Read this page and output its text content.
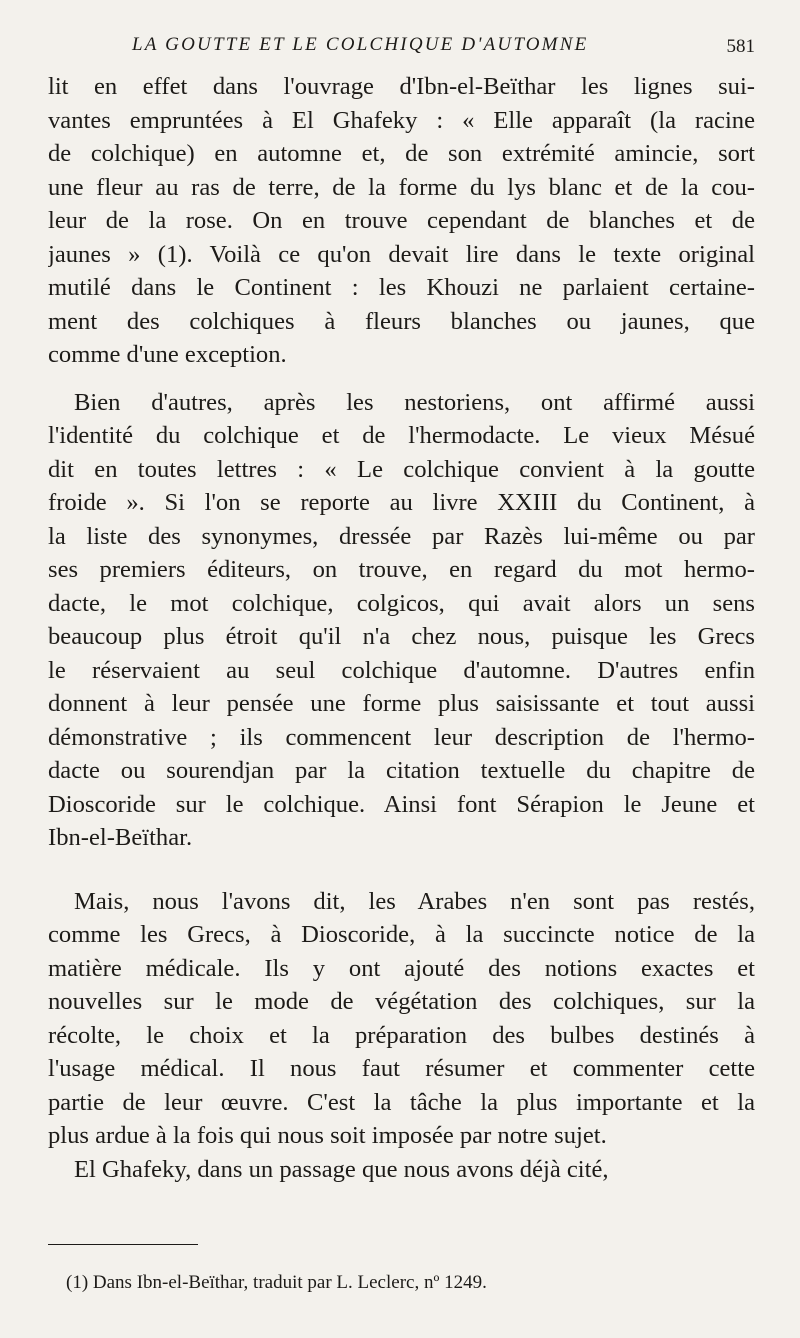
LA GOUTTE ET LE COLCHIQUE D'AUTOMNE	581
lit en effet dans l'ouvrage d'Ibn-el-Beïthar les lignes sui-
vantes empruntées à El Ghafeky : « Elle apparaît (la racine
de colchique) en automne et, de son extrémité amincie, sort
une fleur au ras de terre, de la forme du lys blanc et de la cou-
leur de la rose. On en trouve cependant de blanches et de
jaunes » (1). Voilà ce qu'on devait lire dans le texte original
mutilé dans le Continent : les Khouzi ne parlaient certaine-
ment des colchiques à fleurs blanches ou jaunes, que
comme d'une exception.
Bien d'autres, après les nestoriens, ont affirmé aussi
l'identité du colchique et de l'hermodacte. Le vieux Mésué
dit en toutes lettres : « Le colchique convient à la goutte
froide ». Si l'on se reporte au livre XXIII du Continent, à
la liste des synonymes, dressée par Razès lui-même ou par
ses premiers éditeurs, on trouve, en regard du mot hermo-
dacte, le mot colchique, colgicos, qui avait alors un sens
beaucoup plus étroit qu'il n'a chez nous, puisque les Grecs
le réservaient au seul colchique d'automne. D'autres enfin
donnent à leur pensée une forme plus saisissante et tout aussi
démonstrative ; ils commencent leur description de l'hermo-
dacte ou sourendjan par la citation textuelle du chapitre de
Dioscoride sur le colchique. Ainsi font Sérapion le Jeune et
Ibn-el-Beïthar.
Mais, nous l'avons dit, les Arabes n'en sont pas restés,
comme les Grecs, à Dioscoride, à la succincte notice de la
matière médicale. Ils y ont ajouté des notions exactes et
nouvelles sur le mode de végétation des colchiques, sur la
récolte, le choix et la préparation des bulbes destinés à
l'usage médical. Il nous faut résumer et commenter cette
partie de leur œuvre. C'est la tâche la plus importante et la
plus ardue à la fois qui nous soit imposée par notre sujet.
El Ghafeky, dans un passage que nous avons déjà cité,
(1) Dans Ibn-el-Beïthar, traduit par L. Leclerc, nº 1249.
